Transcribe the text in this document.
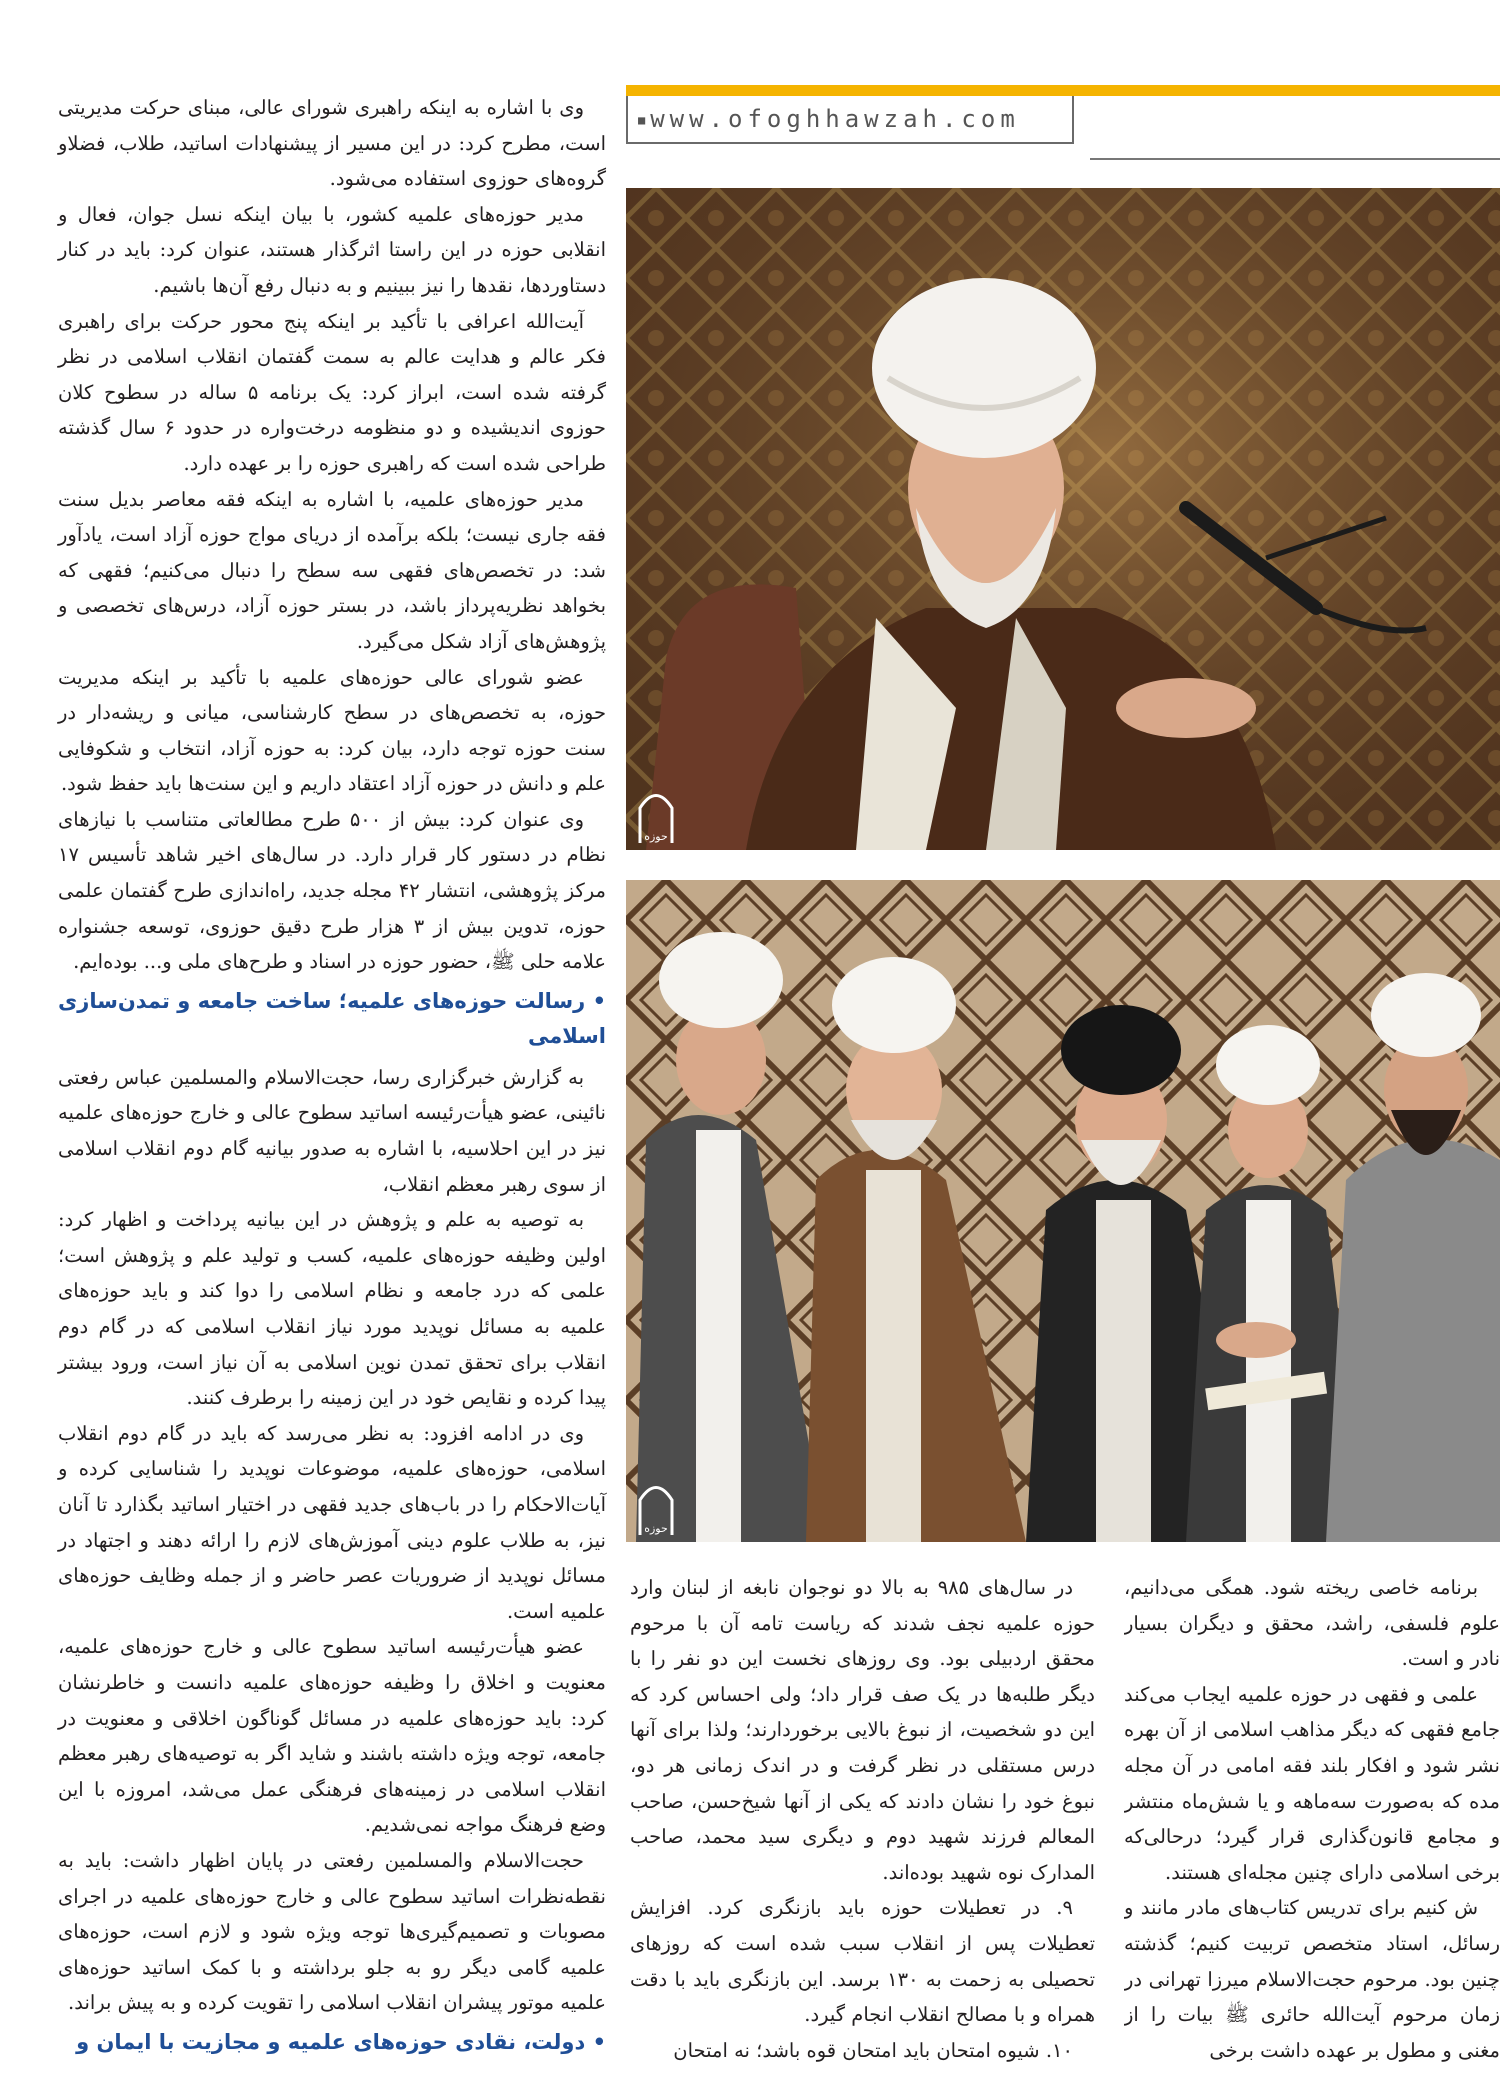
■www.ofoghhawzah.com

وی با اشاره به اینکه راهبری شورای عالی، مبنای حرکت مدیریتی است، مطرح کرد: در این مسیر از پیشنهادات اساتید، طلاب، فضلاو گروه‌های حوزوی استفاده می‌شود.

مدیر حوزه‌های علمیه کشور، با بیان اینکه نسل جوان، فعال و انقلابی حوزه در این راستا اثرگذار هستند، عنوان کرد: باید در کنار دستاوردها، نقدها را نیز ببینیم و به دنبال رفع آن‌ها باشیم.

آیت‌الله اعرافی با تأکید بر اینکه پنج محور حرکت برای راهبری فکر عالم و هدایت عالم به سمت گفتمان انقلاب اسلامی در نظر گرفته شده است، ابراز کرد: یک برنامه ۵ ساله در سطوح کلان حوزوی اندیشیده و دو منظومه درخت‌واره در حدود ۶ سال گذشته طراحی شده است که راهبری حوزه را بر عهده دارد.

مدیر حوزه‌های علمیه، با اشاره به اینکه فقه معاصر بدیل سنت فقه جاری نیست؛ بلکه برآمده از دریای مواج حوزه آزاد است، یادآور شد: در تخصص‌های فقهی سه سطح را دنبال می‌کنیم؛ فقهی که بخواهد نظریه‌پرداز باشد، در بستر حوزه آزاد، درس‌های تخصصی و پژوهش‌های آزاد شکل می‌گیرد.

عضو شورای عالی حوزه‌های علمیه با تأکید بر اینکه مدیریت حوزه، به تخصص‌های در سطح کارشناسی، میانی و ریشه‌دار در سنت حوزه توجه دارد، بیان کرد: به حوزه آزاد، انتخاب و شکوفایی علم و دانش در حوزه آزاد اعتقاد داریم و این سنت‌ها باید حفظ شود.

وی عنوان کرد: بیش از ۵۰۰ طرح مطالعاتی متناسب با نیازهای نظام در دستور کار قرار دارد. در سال‌های اخیر شاهد تأسیس ۱۷ مرکز پژوهشی، انتشار ۴۲ مجله جدید، راه‌اندازی طرح گفتمان علمی حوزه، تدوین بیش از ۳ هزار طرح دقیق حوزوی، توسعه جشنواره علامه حلی ﷺ، حضور حوزه در اسناد و طرح‌های ملی و... بوده‌ایم.

• رسالت حوزه‌های علمیه؛ ساخت جامعه و تمدن‌سازی اسلامی

به گزارش خبرگزاری رسا، حجت‌الاسلام والمسلمین عباس رفعتی نائینی، عضو هیأت‌رئیسه اساتید سطوح عالی و خارج حوزه‌های علمیه نیز در این احلاسیه، با اشاره به صدور بیانیه گام دوم انقلاب اسلامی از سوی رهبر معظم انقلاب،

به توصیه به علم و پژوهش در این بیانیه پرداخت و اظهار کرد: اولین وظیفه حوزه‌های علمیه، کسب و تولید علم و پژوهش است؛ علمی که درد جامعه و نظام اسلامی را دوا کند و باید حوزه‌های علمیه به مسائل نوپدید مورد نیاز انقلاب اسلامی که در گام دوم انقلاب برای تحقق تمدن نوین اسلامی به آن نیاز است، ورود بیشتر پیدا کرده و نقایص خود در این زمینه را برطرف کنند.

وی در ادامه افزود: به نظر می‌رسد که باید در گام دوم انقلاب اسلامی، حوزه‌های علمیه، موضوعات نوپدید را شناسایی کرده و آیات‌الاحکام را در باب‌های جدید فقهی در اختیار اساتید بگذارد تا آنان نیز، به طلاب علوم دینی آموزش‌های لازم را ارائه دهند و اجتهاد در مسائل نوپدید از ضروریات عصر حاضر و از جمله وظایف حوزه‌های علمیه است.

عضو هیأت‌رئیسه اساتید سطوح عالی و خارج حوزه‌های علمیه، معنویت و اخلاق را وظیفه حوزه‌های علمیه دانست و خاطرنشان کرد: باید حوزه‌های علمیه در مسائل گوناگون اخلاقی و معنویت در جامعه، توجه ویژه داشته باشند و شاید اگر به توصیه‌های رهبر معظم انقلاب اسلامی در زمینه‌های فرهنگی عمل می‌شد، امروزه با این وضع فرهنگ مواجه نمی‌شدیم.

حجت‌الاسلام والمسلمین رفعتی در پایان اظهار داشت: باید به نقطه‌نظرات اساتید سطوح عالی و خارج حوزه‌های علمیه در اجرای مصوبات و تصمیم‌گیری‌ها توجه ویژه شود و لازم است، حوزه‌های علمیه گامی دیگر رو به جلو برداشته و با کمک اساتید حوزه‌های علمیه موتور پیشران انقلاب اسلامی را تقویت کرده و به پیش براند.

• دولت، نقادی حوزه‌های علمیه و مجازیت با ایمان و
حوزه
حوزه

در سال‌های ۹۸۵ به بالا دو نوجوان نابغه از لبنان وارد حوزه علمیه نجف شدند که ریاست تامه آن با مرحوم محقق اردبیلی بود. وی روزهای نخست این دو نفر را با دیگر طلبه‌ها در یک صف قرار داد؛ ولی احساس کرد که این دو شخصیت، از نبوغ بالایی برخوردارند؛ ولذا برای آنها درس مستقلی در نظر گرفت و در اندک زمانی هر دو، نبوغ خود را نشان دادند که یکی از آنها شیخ‌حسن، صاحب المعالم فرزند شهید دوم و دیگری سید محمد، صاحب المدارک نوه شهید بوده‌اند.

۹. در تعطیلات حوزه باید بازنگری کرد. افزایش تعطیلات پس از انقلاب سبب شده است که روزهای تحصیلی به زحمت به ۱۳۰ برسد. این بازنگری باید با دقت همراه و با مصالح انقلاب انجام گیرد.

۱۰. شیوه امتحان باید امتحان قوه باشد؛ نه امتحان

برنامه خاصی ریخته شود. همگی می‌دانیم، علوم فلسفی، راشد، محقق و دیگران بسیار نادر و است.

علمی و فقهی در حوزه علمیه ایجاب می‌کند جامع فقهی که دیگر مذاهب اسلامی از آن بهره نشر شود و افکار بلند فقه امامی در آن مجله مده که به‌صورت سه‌ماهه و یا شش‌ماه منتشر و مجامع قانون‌گذاری قرار گیرد؛ درحالی‌که برخی اسلامی دارای چنین مجله‌ای هستند.

ش کنیم برای تدریس کتاب‌های مادر مانند و رسائل، استاد متخصص تربیت کنیم؛ گذشته چنین بود. مرحوم حجت‌الاسلام میرزا تهرانی در زمان مرحوم آیت‌الله حائری ﷺ بیات را از مغنی و مطول بر عهده داشت برخی
